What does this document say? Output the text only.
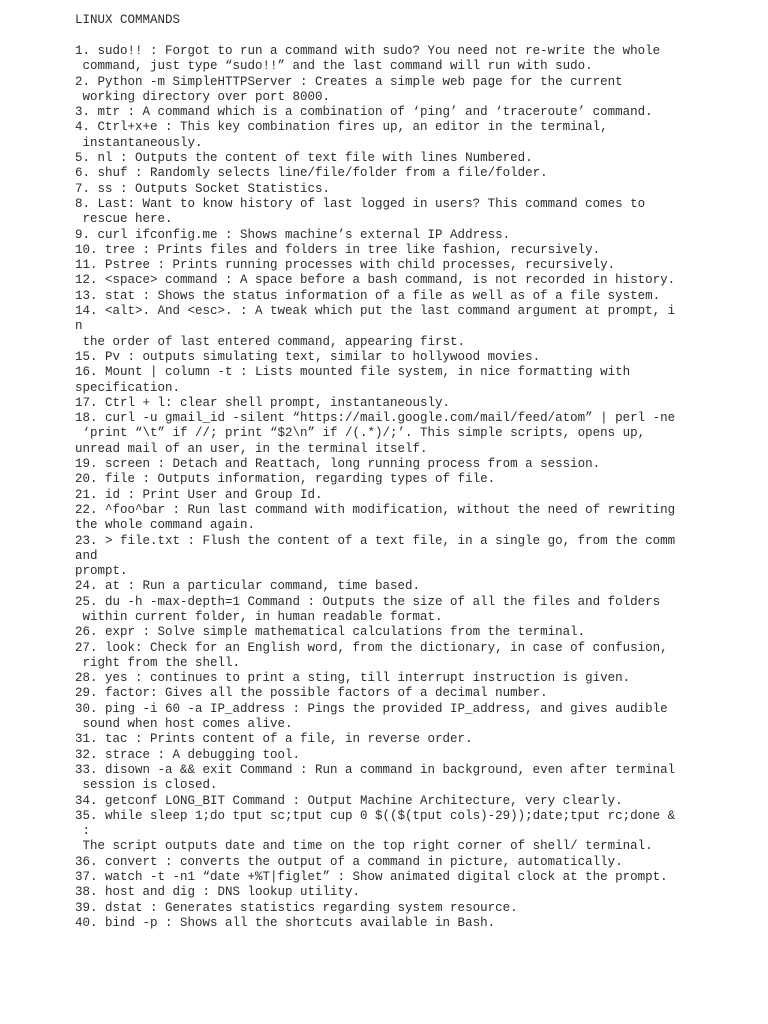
LINUX COMMANDS
1. sudo!! : Forgot to run a command with sudo? You need not re-write the whole
command, just type “sudo!!” and the last command will run with sudo.
2. Python -m SimpleHTTPServer : Creates a simple web page for the current
working directory over port 8000.
3. mtr : A command which is a combination of ‘ping’ and ‘traceroute’ command.
4. Ctrl+x+e : This key combination fires up, an editor in the terminal,
instantaneously.
5. nl : Outputs the content of text file with lines Numbered.
6. shuf : Randomly selects line/file/folder from a file/folder.
7. ss : Outputs Socket Statistics.
8. Last: Want to know history of last logged in users? This command comes to
rescue here.
9. curl ifconfig.me : Shows machine’s external IP Address.
10. tree : Prints files and folders in tree like fashion, recursively.
11. Pstree : Prints running processes with child processes, recursively.
12. <space> command : A space before a bash command, is not recorded in history.
13. stat : Shows the status information of a file as well as of a file system.
14. <alt>. And <esc>. : A tweak which put the last command argument at prompt, i
n
the order of last entered command, appearing first.
15. Pv : outputs simulating text, similar to hollywood movies.
16. Mount | column -t : Lists mounted file system, in nice formatting with
specification.
17. Ctrl + l: clear shell prompt, instantaneously.
18. curl -u gmail_id -silent “https://mail.google.com/mail/feed/atom” | perl -ne
‘print “\t” if //; print “$2\n” if /(.*)/;’. This simple scripts, opens up,
unread mail of an user, in the terminal itself.
19. screen : Detach and Reattach, long running process from a session.
20. file : Outputs information, regarding types of file.
21. id : Print User and Group Id.
22. ^foo^bar : Run last command with modification, without the need of rewriting
the whole command again.
23. > file.txt : Flush the content of a text file, in a single go, from the comm
and
prompt.
24. at : Run a particular command, time based.
25. du -h -max-depth=1 Command : Outputs the size of all the files and folders
within current folder, in human readable format.
26. expr : Solve simple mathematical calculations from the terminal.
27. look: Check for an English word, from the dictionary, in case of confusion,
right from the shell.
28. yes : continues to print a sting, till interrupt instruction is given.
29. factor: Gives all the possible factors of a decimal number.
30. ping -i 60 -a IP_address : Pings the provided IP_address, and gives audible
sound when host comes alive.
31. tac : Prints content of a file, in reverse order.
32. strace : A debugging tool.
33. disown -a && exit Command : Run a command in background, even after terminal
session is closed.
34. getconf LONG_BIT Command : Output Machine Architecture, very clearly.
35. while sleep 1;do tput sc;tput cup 0 $(($(tput cols)-29));date;tput rc;done &
:
The script outputs date and time on the top right corner of shell/ terminal.
36. convert : converts the output of a command in picture, automatically.
37. watch -t -n1 “date +%T|figlet” : Show animated digital clock at the prompt.
38. host and dig : DNS lookup utility.
39. dstat : Generates statistics regarding system resource.
40. bind -p : Shows all the shortcuts available in Bash.
